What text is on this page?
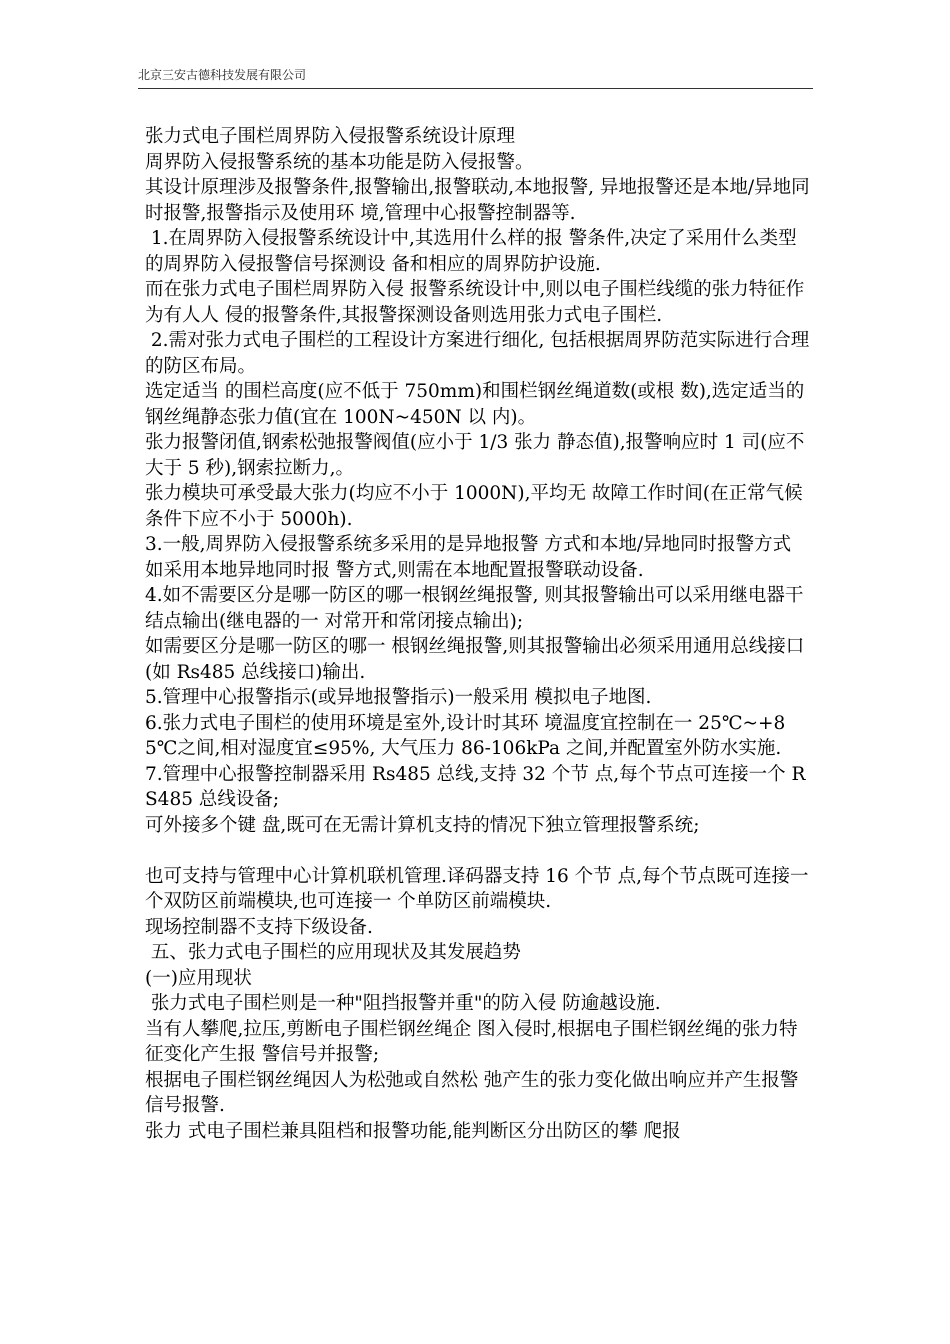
北京三安古德科技发展有限公司

张力式电子围栏周界防入侵报警系统设计原理

周界防入侵报警系统的基本功能是防入侵报警。

其设计原理涉及报警条件,报警输出,报警联动,本地报警, 异地报警还是本地/异地同时报警,报警指示及使用环 境,管理中心报警控制器等.

1.在周界防入侵报警系统设计中,其选用什么样的报 警条件,决定了采用什么类型的周界防入侵报警信号探测设 备和相应的周界防护设施.

而在张力式电子围栏周界防入侵 报警系统设计中,则以电子围栏线缆的张力特征作为有人人 侵的报警条件,其报警探测设备则选用张力式电子围栏.

2.需对张力式电子围栏的工程设计方案进行细化, 包括根据周界防范实际进行合理的防区布局。

选定适当 的围栏高度(应不低于 750mm)和围栏钢丝绳道数(或根 数),选定适当的钢丝绳静态张力值(宜在 100N~450N 以 内)。

张力报警闭值,钢索松弛报警阀值(应小于 1/3 张力 静态值),报警响应时 1 司(应不大于 5 秒),钢索拉断力,。

张力模块可承受最大张力(均应不小于 1000N),平均无 故障工作时间(在正常气候条件下应不小于 5000h).

3.一般,周界防入侵报警系统多采用的是异地报警 方式和本地/异地同时报警方式

如采用本地异地同时报 警方式,则需在本地配置报警联动设备.

4.如不需要区分是哪一防区的哪一根钢丝绳报警, 则其报警输出可以采用继电器干结点输出(继电器的一 对常开和常闭接点输出);

如需要区分是哪一防区的哪一 根钢丝绳报警,则其报警输出必须采用通用总线接口(如 Rs485 总线接口)输出.

5.管理中心报警指示(或异地报警指示)一般采用 模拟电子地图.

6.张力式电子围栏的使用环境是室外,设计时其环 境温度宜控制在一 25℃~+85℃之间,相对湿度宜≤95%, 大气压力 86-106kPa 之间,并配置室外防水实施.

7.管理中心报警控制器采用 Rs485 总线,支持 32 个节 点,每个节点可连接一个 RS485 总线设备;

可外接多个键 盘,既可在无需计算机支持的情况下独立管理报警系统;

也可支持与管理中心计算机联机管理.译码器支持 16 个节 点,每个节点既可连接一个双防区前端模块,也可连接一 个单防区前端模块.

现场控制器不支持下级设备.

五、张力式电子围栏的应用现状及其发展趋势

(一)应用现状

张力式电子围栏则是一种"阻挡报警并重"的防入侵 防逾越设施.

当有人攀爬,拉压,剪断电子围栏钢丝绳企 图入侵时,根据电子围栏钢丝绳的张力特征变化产生报 警信号并报警;

根据电子围栏钢丝绳因人为松弛或自然松 弛产生的张力变化做出响应并产生报警信号报警.

张力 式电子围栏兼具阻档和报警功能,能判断区分出防区的攀 爬报
